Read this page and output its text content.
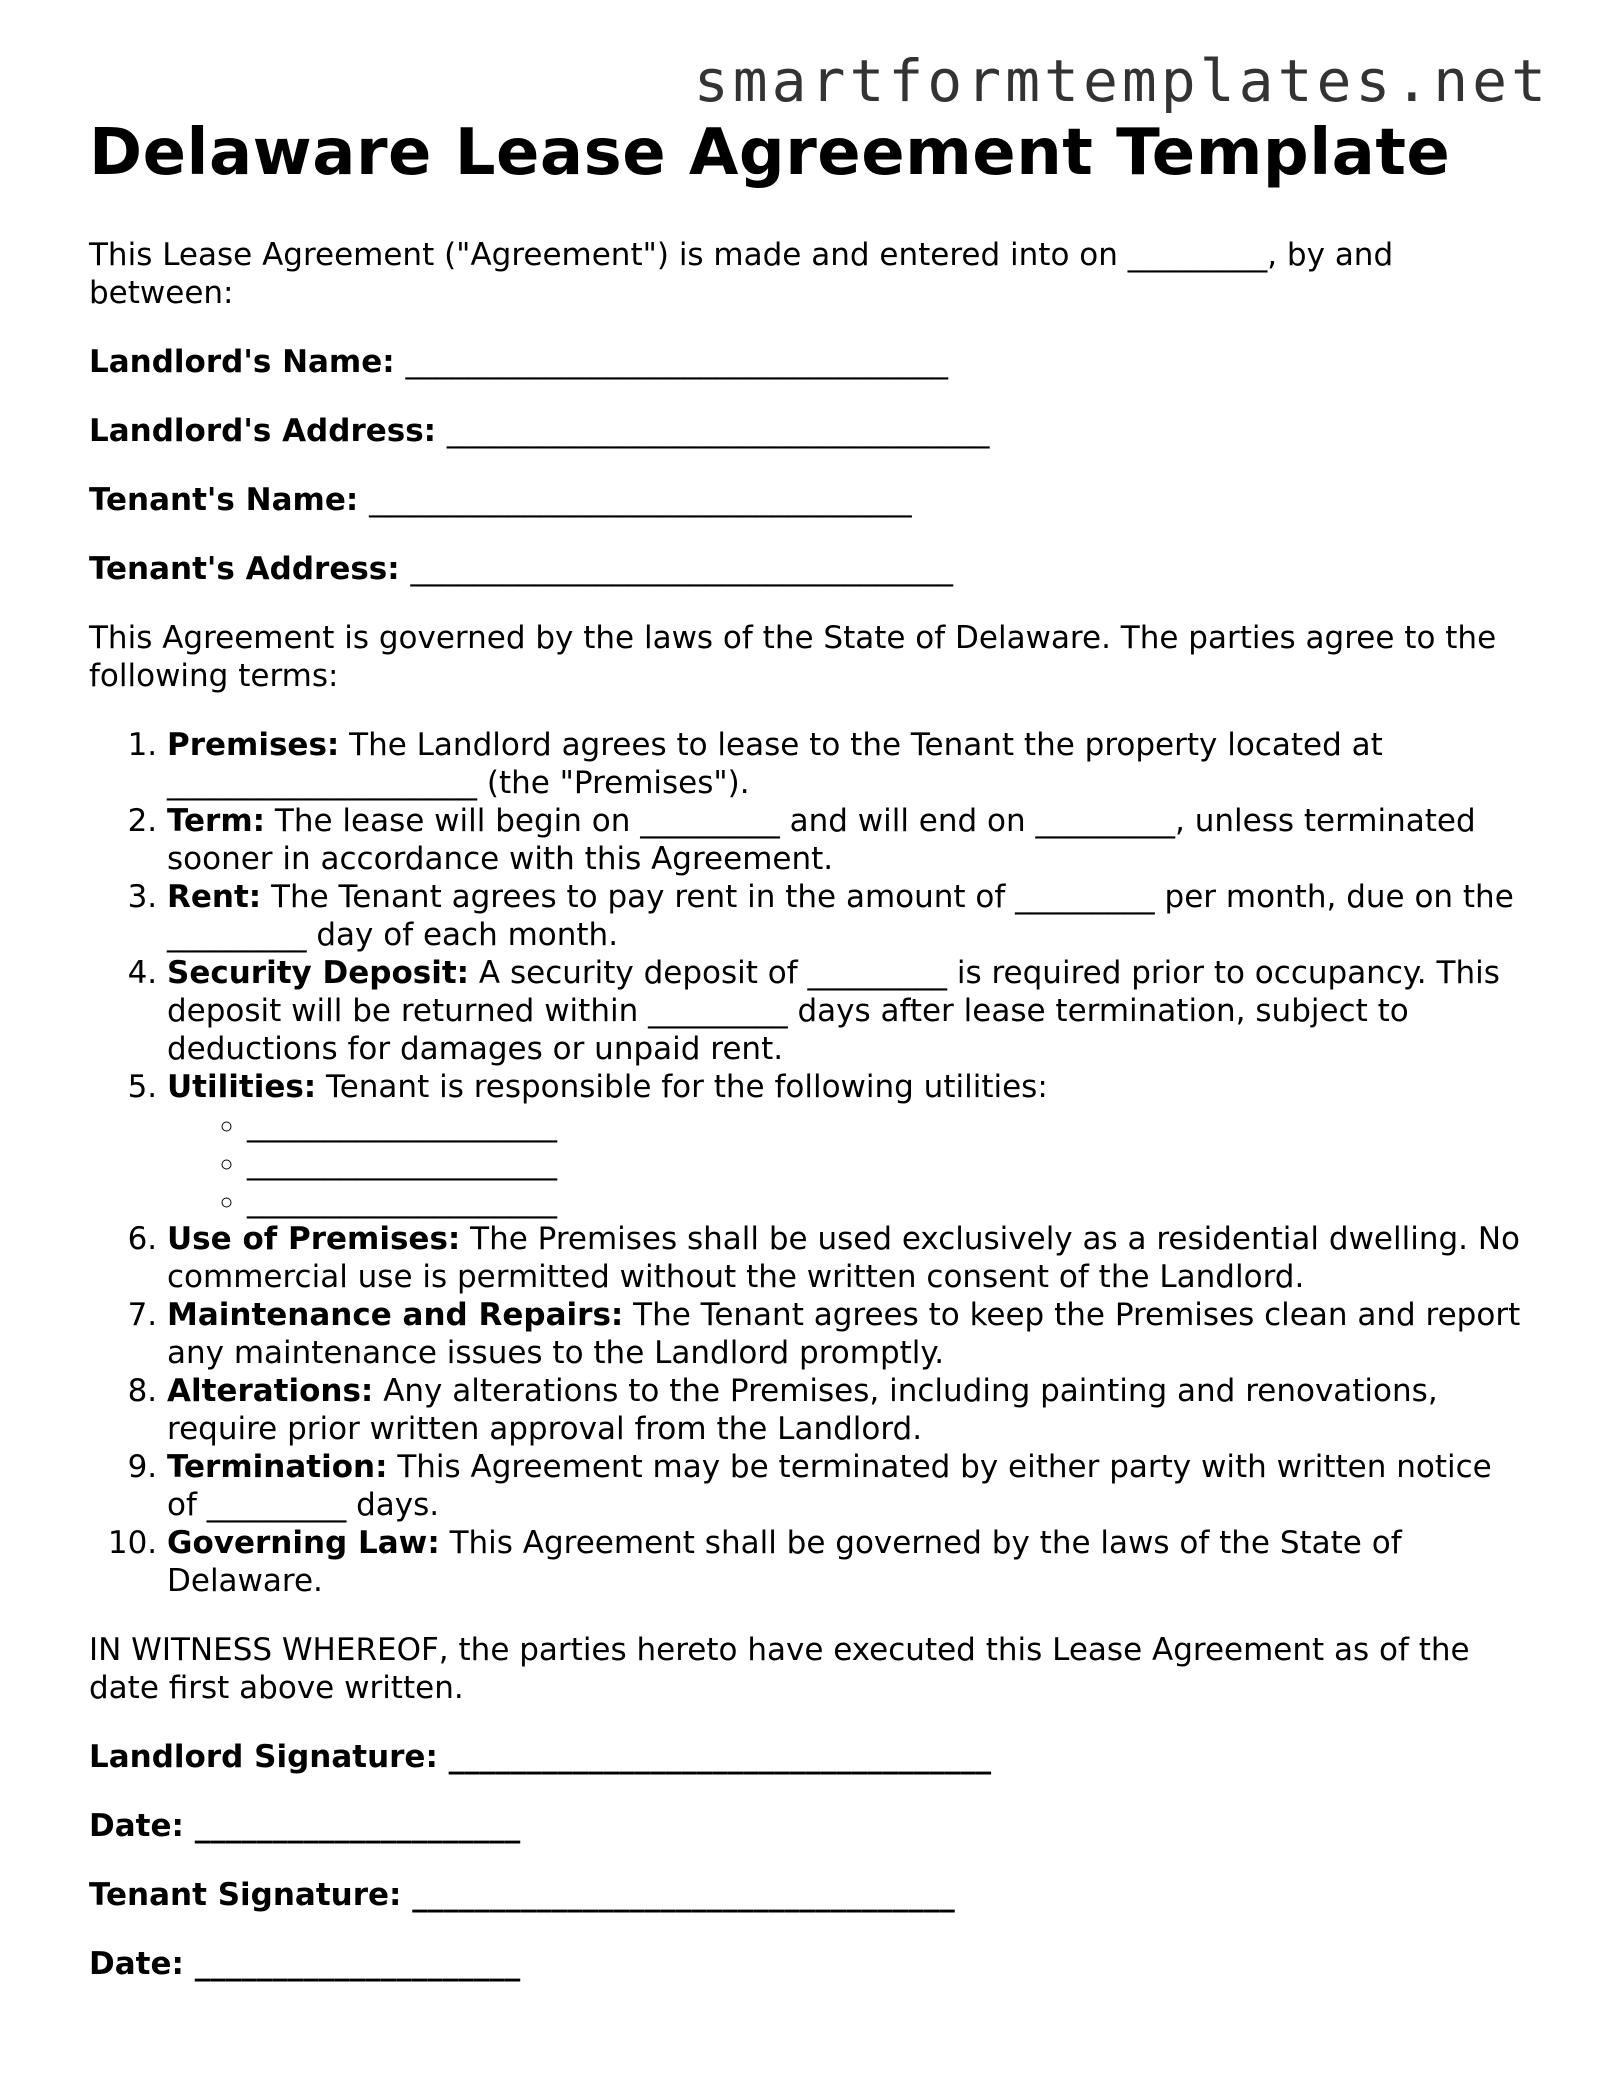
smartformtemplates.net
Delaware Lease Agreement Template

This Lease Agreement ("Agreement") is made and entered into on _________, by and between:

Landlord's Name: ___________________________________

Landlord's Address: ___________________________________

Tenant's Name: ___________________________________

Tenant's Address: ___________________________________

This Agreement is governed by the laws of the State of Delaware. The parties agree to the following terms:

1. Premises: The Landlord agrees to lease to the Tenant the property located at ____________________ (the "Premises").
2. Term: The lease will begin on _________ and will end on _________, unless terminated sooner in accordance with this Agreement.
3. Rent: The Tenant agrees to pay rent in the amount of _________ per month, due on the _________ day of each month.
4. Security Deposit: A security deposit of _________ is required prior to occupancy. This deposit will be returned within _________ days after lease termination, subject to deductions for damages or unpaid rent.
5. Utilities: Tenant is responsible for the following utilities:
◦ ____________________
◦ ____________________
◦ ____________________
6. Use of Premises: The Premises shall be used exclusively as a residential dwelling. No commercial use is permitted without the written consent of the Landlord.
7. Maintenance and Repairs: The Tenant agrees to keep the Premises clean and report any maintenance issues to the Landlord promptly.
8. Alterations: Any alterations to the Premises, including painting and renovations, require prior written approval from the Landlord.
9. Termination: This Agreement may be terminated by either party with written notice of _________ days.
10. Governing Law: This Agreement shall be governed by the laws of the State of Delaware.

IN WITNESS WHEREOF, the parties hereto have executed this Lease Agreement as of the date first above written.

Landlord Signature: ___________________________________

Date: _____________________

Tenant Signature: ___________________________________

Date: _____________________
